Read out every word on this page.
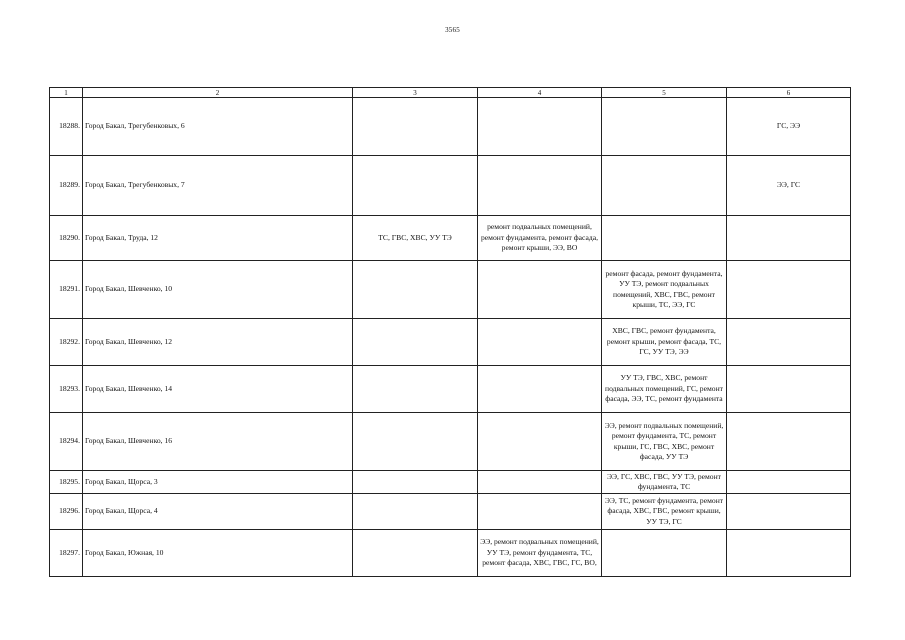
3565
1	2	3	4	5	6
18288.	Город Бакал, Трегубенковых, 6				ГС, ЭЭ
18289.	Город Бакал, Трегубенковых, 7				ЭЭ, ГС
18290.	Город Бакал, Труда, 12	ТС, ГВС, ХВС, УУ ТЭ	ремонт подвальных помещений, ремонт фундамента, ремонт фасада, ремонт крыши, ЭЭ, ВО		
18291.	Город Бакал, Шевченко, 10			ремонт фасада, ремонт фундамента, УУ ТЭ, ремонт подвальных помещений, ХВС, ГВС, ремонт крыши, ТС, ЭЭ, ГС	
18292.	Город Бакал, Шевченко, 12			ХВС, ГВС, ремонт фундамента, ремонт крыши, ремонт фасада, ТС, ГС, УУ ТЭ, ЭЭ	
18293.	Город Бакал, Шевченко, 14			УУ ТЭ, ГВС, ХВС, ремонт подвальных помещений, ГС, ремонт фасада, ЭЭ, ТС, ремонт фундамента	
18294.	Город Бакал, Шевченко, 16			ЭЭ, ремонт подвальных помещений, ремонт фундамента, ТС, ремонт крыши, ГС, ГВС, ХВС, ремонт фасада, УУ ТЭ	
18295.	Город Бакал, Щорса, 3			ЭЭ, ГС, ХВС, ГВС, УУ ТЭ, ремонт фундамента, ТС	
18296.	Город Бакал, Щорса, 4			ЭЭ, ТС, ремонт фундамента, ремонт фасада, ХВС, ГВС, ремонт крыши, УУ ТЭ, ГС	
18297.	Город Бакал, Южная, 10		ЭЭ, ремонт подвальных помещений, УУ ТЭ, ремонт фундамента, ТС, ремонт фасада, ХВС, ГВС, ГС, ВО,		
